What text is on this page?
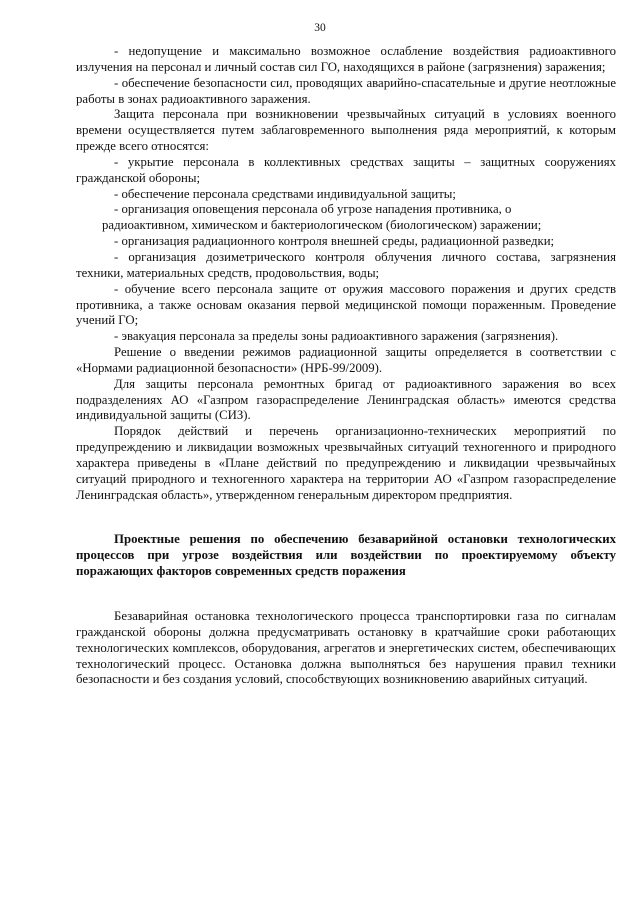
30

- недопущение и максимально возможное ослабление воздействия радиоактивного излучения на персонал и личный состав сил ГО, находящихся в районе (загрязнения) заражения;

- обеспечение безопасности сил, проводящих аварийно-спасательные и другие неотложные работы в зонах радиоактивного заражения.

Защита персонала при возникновении чрезвычайных ситуаций в условиях военного времени осуществляется путем заблаговременного выполнения ряда мероприятий, к которым прежде всего относятся:

- укрытие персонала в коллективных средствах защиты – защитных сооружениях гражданской обороны;

- обеспечение персонала средствами индивидуальной защиты;

- организация оповещения персонала об угрозе нападения противника, о

радиоактивном, химическом и бактериологическом (биологическом) заражении;

- организация радиационного контроля внешней среды, радиационной разведки;

- организация дозиметрического контроля облучения личного состава, загрязнения техники, материальных средств, продовольствия, воды;

- обучение всего персонала защите от оружия массового поражения и других средств противника, а также основам оказания первой медицинской помощи пораженным. Проведение учений ГО;

- эвакуация персонала за пределы зоны радиоактивного заражения (загрязнения).

Решение о введении режимов радиационной защиты определяется в соответствии с «Нормами радиационной безопасности» (НРБ-99/2009).

Для защиты персонала ремонтных бригад от радиоактивного заражения во всех подразделениях АО «Газпром газораспределение Ленинградская область» имеются средства индивидуальной защиты (СИЗ).

Порядок действий и перечень организационно-технических мероприятий по предупреждению и ликвидации возможных чрезвычайных ситуаций техногенного и природного характера приведены в «Плане действий по предупреждению и ликвидации чрезвычайных ситуаций природного и техногенного характера на территории АО «Газпром газораспределение Ленинградская область», утвержденном генеральным директором предприятия.

Проектные решения по обеспечению безаварийной остановки технологических процессов при угрозе воздействия или воздействии по проектируемому объекту поражающих факторов современных средств поражения

Безаварийная остановка технологического процесса транспортировки газа по сигналам гражданской обороны должна предусматривать остановку в кратчайшие сроки работающих технологических комплексов, оборудования, агрегатов и энергетических систем, обеспечивающих технологический процесс. Остановка должна выполняться без нарушения правил техники безопасности и без создания условий, способствующих возникновению аварийных ситуаций.
